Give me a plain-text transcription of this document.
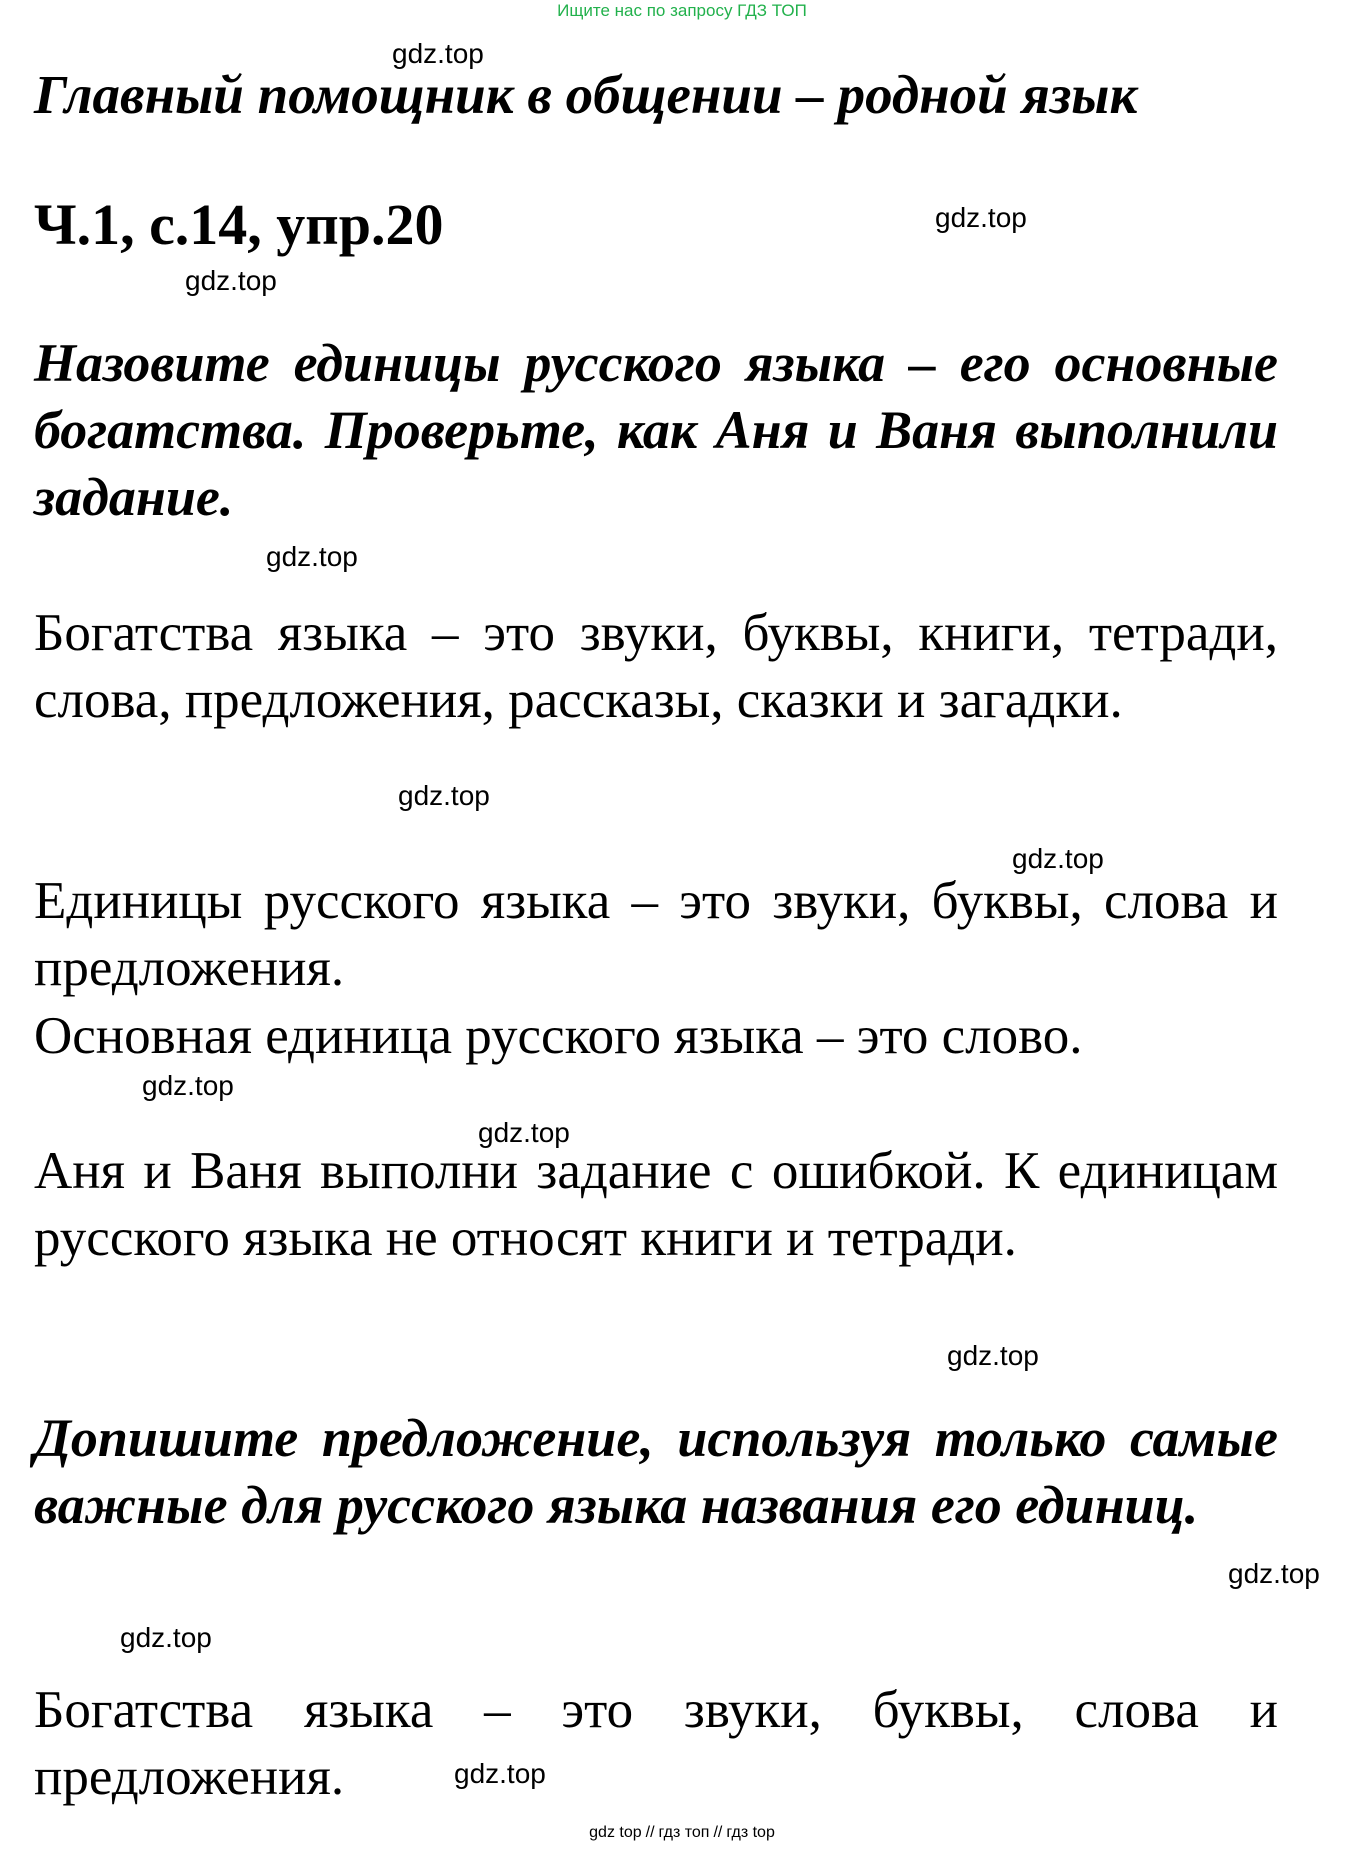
Ищите нас по запросу ГДЗ ТОП
gdz.top
Главный помощник в общении – родной язык
Ч.1, с.14, упр.20	gdz.top
gdz.top

Назовите единицы русского языка – его основные богатства. Проверьте, как Аня и Ваня выполнили задание.

gdz.top

Богатства языка – это звуки, буквы, книги, тетради, слова, предложения, рассказы, сказки и загадки.

gdz.top
gdz.top

Единицы русского языка – это звуки, буквы, слова и предложения.

Основная единица русского языка – это слово.

gdz.top
gdz.top

Аня и Ваня выполни задание с ошибкой. К единицам русского языка не относят книги и тетради.

gdz.top

Допишите предложение, используя только самые важные для русского языка названия его единиц.

gdz.top
gdz.top

Богатства языка – это звуки, буквы, слова и предложения.	gdz.top
gdz top // гдз топ // гдз top
